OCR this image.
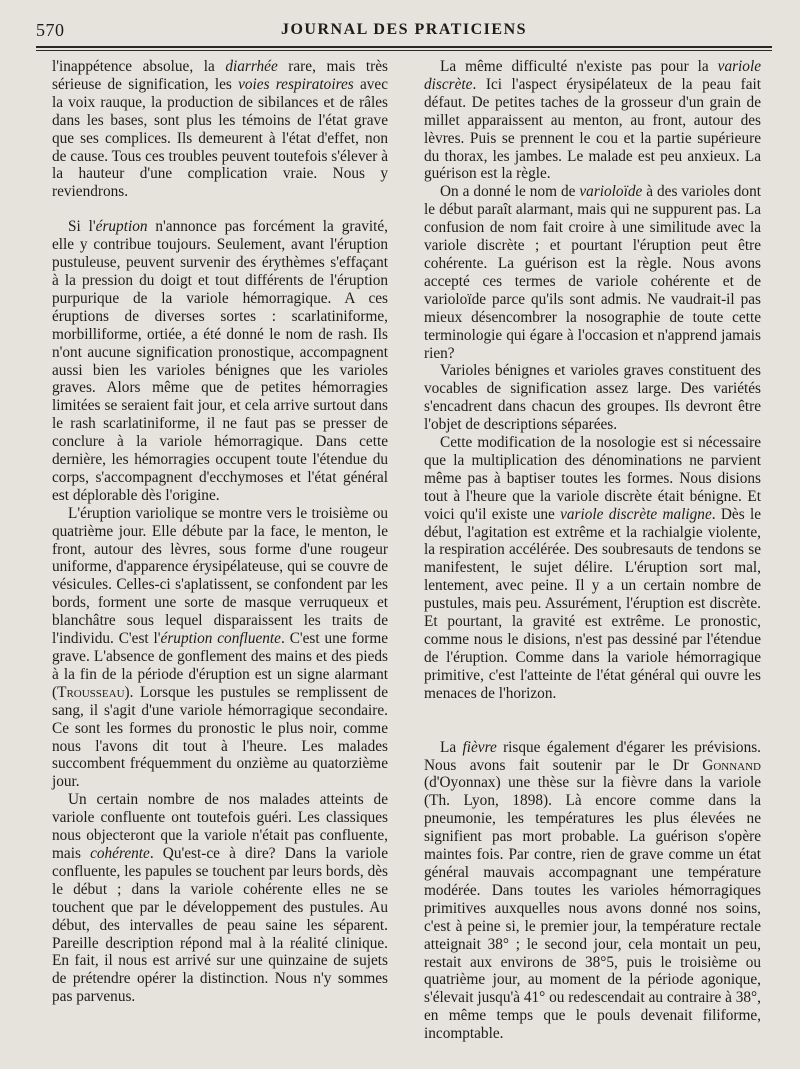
570	JOURNAL DES PRATICIENS

l'inappétence absolue, la diarrhée rare, mais très sérieuse de signification, les voies respiratoires avec la voix rauque, la production de sibilances et de râles dans les bases, sont plus les témoins de l'état grave que ses complices. Ils demeurent à l'état d'effet, non de cause. Tous ces troubles peuvent toutefois s'élever à la hauteur d'une complication vraie. Nous y reviendrons.

Si l'éruption n'annonce pas forcément la gravité, elle y contribue toujours. Seulement, avant l'éruption pustuleuse, peuvent survenir des érythèmes s'effaçant à la pression du doigt et tout différents de l'éruption purpurique de la variole hémorragique. A ces éruptions de diverses sortes : scarlatiniforme, morbilliforme, ortiée, a été donné le nom de rash. Ils n'ont aucune signification pronostique, accompagnent aussi bien les varioles bénignes que les varioles graves. Alors même que de petites hémorragies limitées se seraient fait jour, et cela arrive surtout dans le rash scarlatiniforme, il ne faut pas se presser de conclure à la variole hémorragique. Dans cette dernière, les hémorragies occupent toute l'étendue du corps, s'accompagnent d'ecchymoses et l'état général est déplorable dès l'origine.

L'éruption variolique se montre vers le troisième ou quatrième jour. Elle débute par la face, le menton, le front, autour des lèvres, sous forme d'une rougeur uniforme, d'apparence érysipélateuse, qui se couvre de vésicules. Celles-ci s'aplatissent, se confondent par les bords, forment une sorte de masque verruqueux et blanchâtre sous lequel disparaissent les traits de l'individu. C'est l'éruption confluente. C'est une forme grave. L'absence de gonflement des mains et des pieds à la fin de la période d'éruption est un signe alarmant (Trousseau). Lorsque les pustules se remplissent de sang, il s'agit d'une variole hémorragique secondaire. Ce sont les formes du pronostic le plus noir, comme nous l'avons dit tout à l'heure. Les malades succombent fréquemment du onzième au quatorzième jour.

Un certain nombre de nos malades atteints de variole confluente ont toutefois guéri. Les classiques nous objecteront que la variole n'était pas confluente, mais cohérente. Qu'est-ce à dire? Dans la variole confluente, les papules se touchent par leurs bords, dès le début ; dans la variole cohérente elles ne se touchent que par le développement des pustules. Au début, des intervalles de peau saine les séparent. Pareille description répond mal à la réalité clinique. En fait, il nous est arrivé sur une quinzaine de sujets de prétendre opérer la distinction. Nous n'y sommes pas parvenus.

La même difficulté n'existe pas pour la variole discrète. Ici l'aspect érysipélateux de la peau fait défaut. De petites taches de la grosseur d'un grain de millet apparaissent au menton, au front, autour des lèvres. Puis se prennent le cou et la partie supérieure du thorax, les jambes. Le malade est peu anxieux. La guérison est la règle.

On a donné le nom de varioloïde à des varioles dont le début paraît alarmant, mais qui ne suppurent pas. La confusion de nom fait croire à une similitude avec la variole discrète ; et pourtant l'éruption peut être cohérente. La guérison est la règle. Nous avons accepté ces termes de variole cohérente et de varioloïde parce qu'ils sont admis. Ne vaudrait-il pas mieux désencombrer la nosographie de toute cette terminologie qui égare à l'occasion et n'apprend jamais rien?

Varioles bénignes et varioles graves constituent des vocables de signification assez large. Des variétés s'encadrent dans chacun des groupes. Ils devront être l'objet de descriptions séparées.

Cette modification de la nosologie est si nécessaire que la multiplication des dénominations ne parvient même pas à baptiser toutes les formes. Nous disions tout à l'heure que la variole discrète était bénigne. Et voici qu'il existe une variole discrète maligne. Dès le début, l'agitation est extrême et la rachialgie violente, la respiration accélérée. Des soubresauts de tendons se manifestent, le sujet délire. L'éruption sort mal, lentement, avec peine. Il y a un certain nombre de pustules, mais peu. Assurément, l'éruption est discrète. Et pourtant, la gravité est extrême. Le pronostic, comme nous le disions, n'est pas dessiné par l'étendue de l'éruption. Comme dans la variole hémorragique primitive, c'est l'atteinte de l'état général qui ouvre les menaces de l'horizon.

La fièvre risque également d'égarer les prévisions. Nous avons fait soutenir par le Dr Gonnand (d'Oyonnax) une thèse sur la fièvre dans la variole (Th. Lyon, 1898). Là encore comme dans la pneumonie, les températures les plus élevées ne signifient pas mort probable. La guérison s'opère maintes fois. Par contre, rien de grave comme un état général mauvais accompagnant une température modérée. Dans toutes les varioles hémorragiques primitives auxquelles nous avons donné nos soins, c'est à peine si, le premier jour, la température rectale atteignait 38° ; le second jour, cela montait un peu, restait aux environs de 38°5, puis le troisième ou quatrième jour, au moment de la période agonique, s'élevait jusqu'à 41° ou redescendait au contraire à 38°, en même temps que le pouls devenait filiforme, incomptable.
